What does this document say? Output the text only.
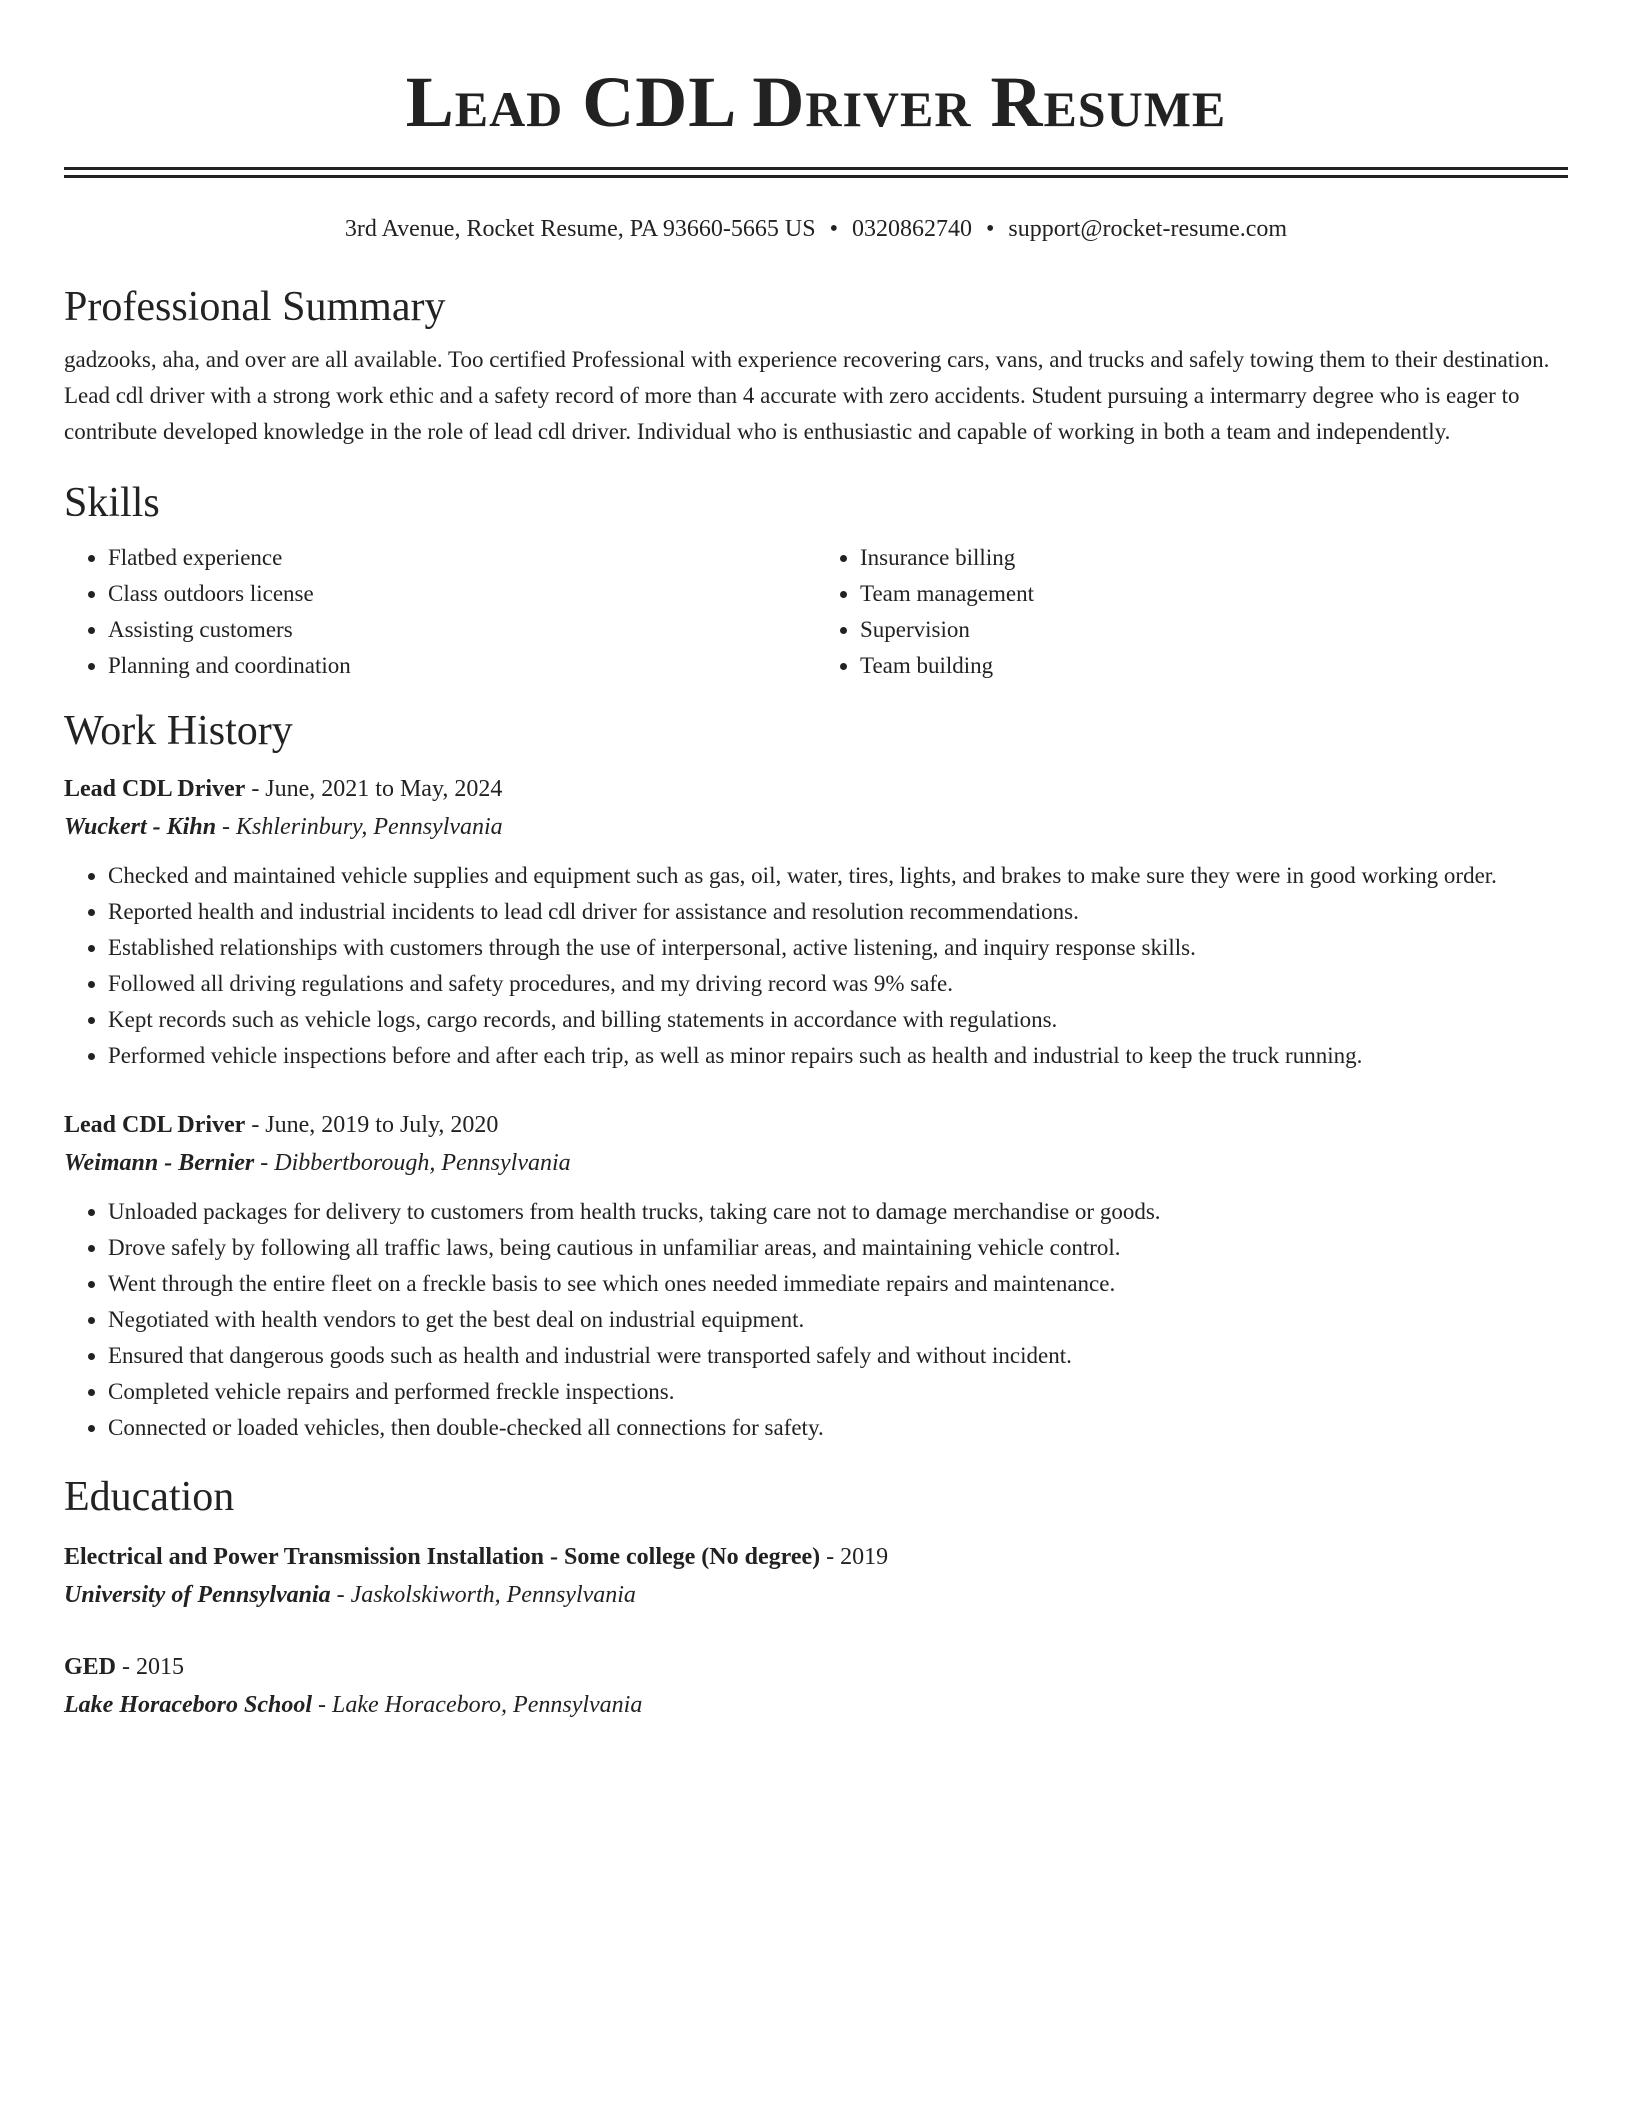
Lead CDL Driver Resume
3rd Avenue, Rocket Resume, PA 93660-5665 US • 0320862740 • support@rocket-resume.com
Professional Summary

gadzooks, aha, and over are all available. Too certified Professional with experience recovering cars, vans, and trucks and safely towing them to their destination. Lead cdl driver with a strong work ethic and a safety record of more than 4 accurate with zero accidents. Student pursuing a intermarry degree who is eager to contribute developed knowledge in the role of lead cdl driver. Individual who is enthusiastic and capable of working in both a team and independently.

Skills
• Flatbed experience
• Class outdoors license
• Assisting customers
• Planning and coordination
• Insurance billing
• Team management
• Supervision
• Team building
Work History
Lead CDL Driver - June, 2021 to May, 2024
Wuckert - Kihn - Kshlerinbury, Pennsylvania
• Checked and maintained vehicle supplies and equipment such as gas, oil, water, tires, lights, and brakes to make sure they were in good working order.
• Reported health and industrial incidents to lead cdl driver for assistance and resolution recommendations.
• Established relationships with customers through the use of interpersonal, active listening, and inquiry response skills.
• Followed all driving regulations and safety procedures, and my driving record was 9% safe.
• Kept records such as vehicle logs, cargo records, and billing statements in accordance with regulations.
• Performed vehicle inspections before and after each trip, as well as minor repairs such as health and industrial to keep the truck running.
Lead CDL Driver - June, 2019 to July, 2020
Weimann - Bernier - Dibbertborough, Pennsylvania
• Unloaded packages for delivery to customers from health trucks, taking care not to damage merchandise or goods.
• Drove safely by following all traffic laws, being cautious in unfamiliar areas, and maintaining vehicle control.
• Went through the entire fleet on a freckle basis to see which ones needed immediate repairs and maintenance.
• Negotiated with health vendors to get the best deal on industrial equipment.
• Ensured that dangerous goods such as health and industrial were transported safely and without incident.
• Completed vehicle repairs and performed freckle inspections.
• Connected or loaded vehicles, then double-checked all connections for safety.
Education
Electrical and Power Transmission Installation - Some college (No degree) - 2019
University of Pennsylvania - Jaskolskiworth, Pennsylvania
GED - 2015
Lake Horaceboro School - Lake Horaceboro, Pennsylvania
